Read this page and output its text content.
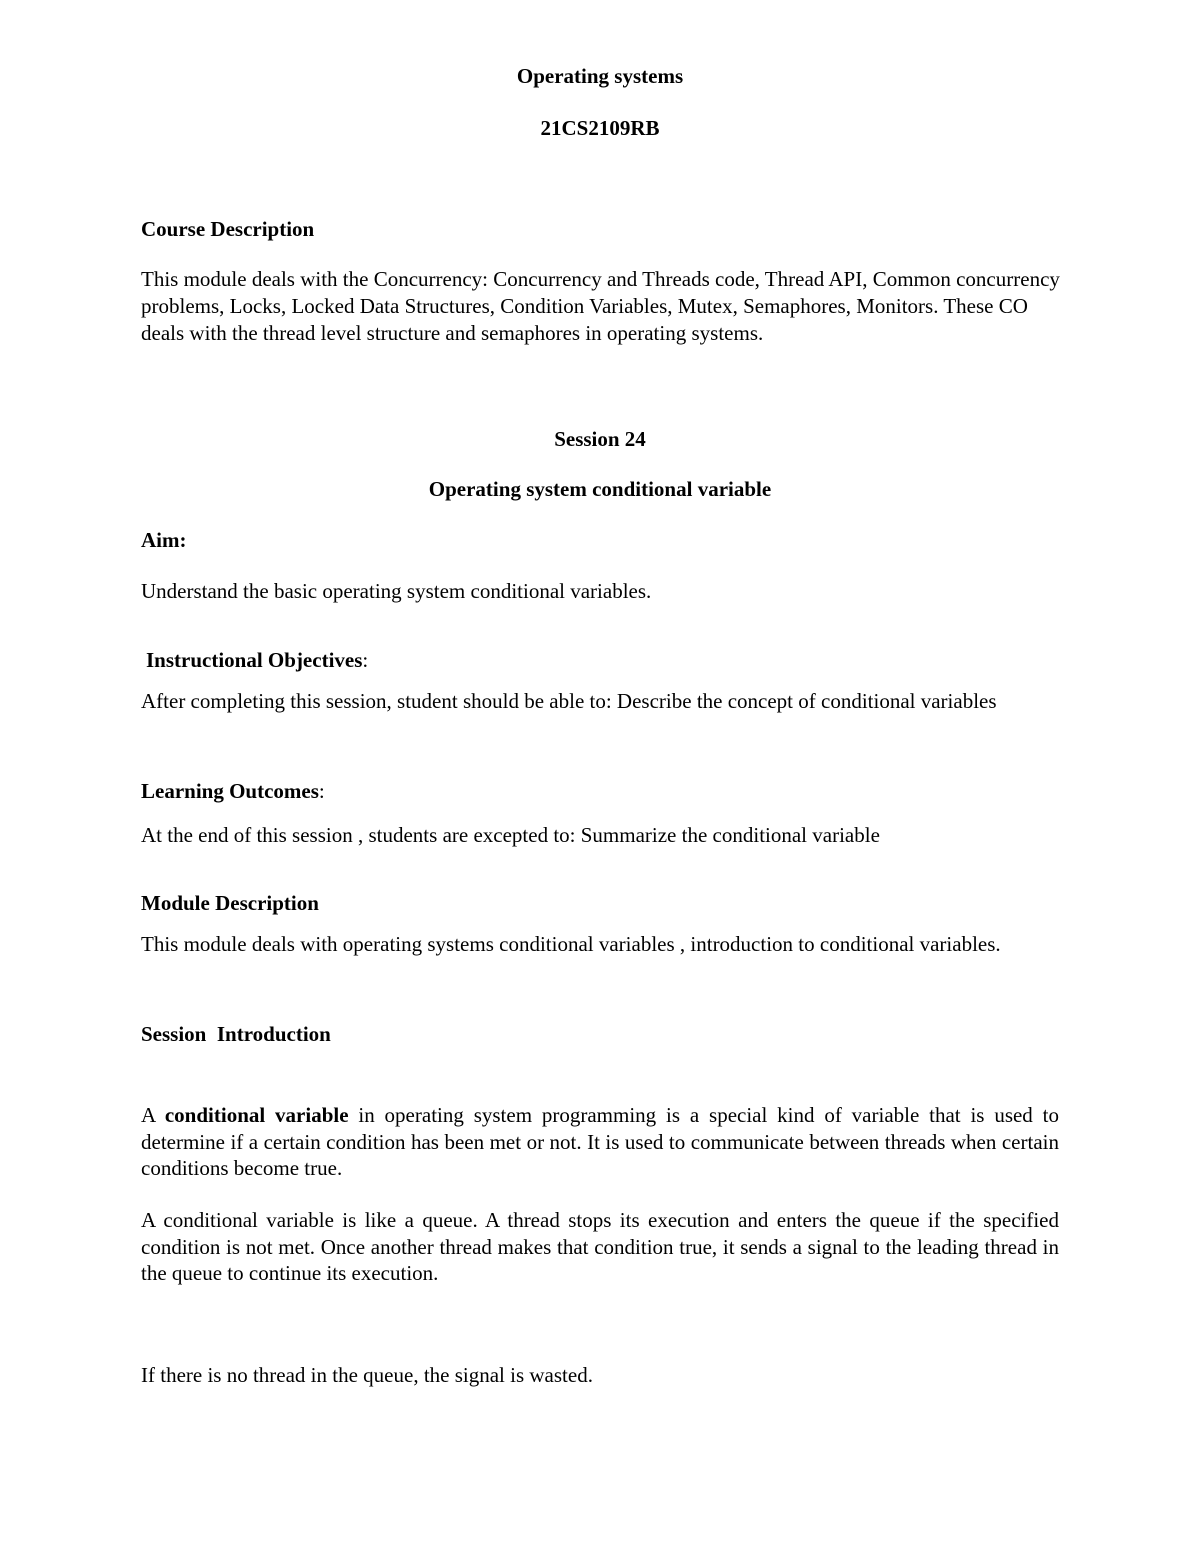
Operating systems

21CS2109RB

Course Description

This module deals with the Concurrency: Concurrency and Threads code, Thread API, Common concurrency problems, Locks, Locked Data Structures, Condition Variables, Mutex, Semaphores, Monitors. These CO deals with the thread level structure and semaphores in operating systems.

Session 24

Operating system conditional variable

Aim:

Understand the basic operating system conditional variables.

Instructional Objectives:

After completing this session, student should be able to: Describe the concept of conditional variables

Learning Outcomes:

At the end of this session , students are excepted to: Summarize the conditional variable

Module Description

This module deals with operating systems conditional variables , introduction to conditional variables.

Session  Introduction

A conditional variable in operating system programming is a special kind of variable that is used to determine if a certain condition has been met or not. It is used to communicate between threads when certain conditions become true.

A conditional variable is like a queue. A thread stops its execution and enters the queue if the specified condition is not met. Once another thread makes that condition true, it sends a signal to the leading thread in the queue to continue its execution.

If there is no thread in the queue, the signal is wasted.
